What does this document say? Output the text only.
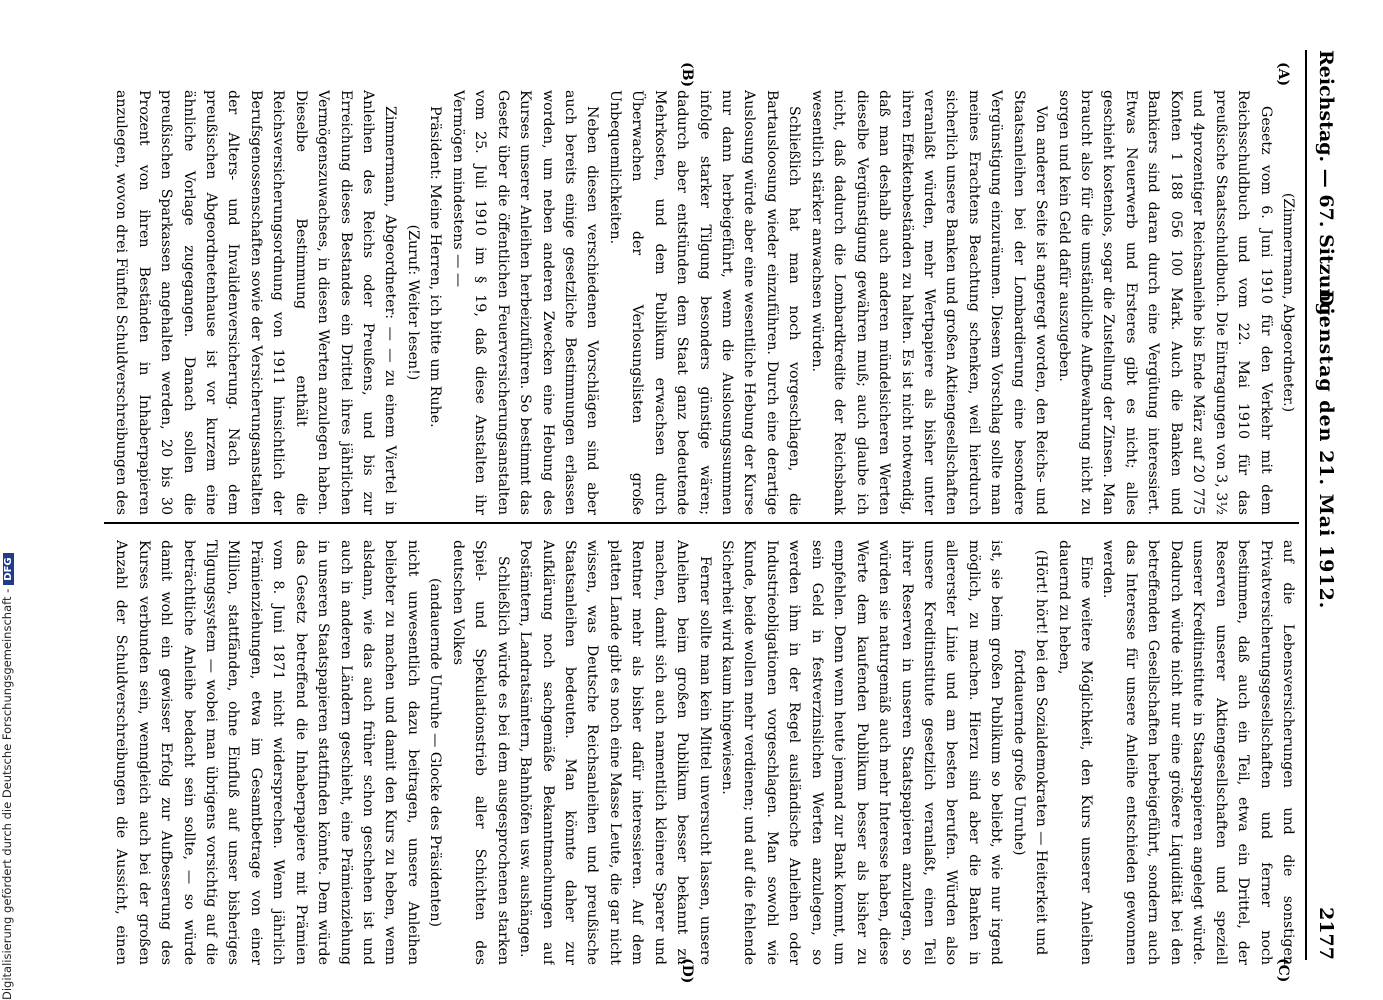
Reichstag. — 67. Sitzung.
Dienstag den 21. Mai 1912.
2177
(A)
(B)
(C)
(D)

(Zimmermann, Abgeordneter.)

Gesetz vom 6. Juni 1910 für den Verkehr mit dem Reichsschuldbuch und vom 22. Mai 1910 für das preußische Staatsschuldbuch. Die Eintragungen von 3, 3½ und 4prozentiger Reichsanleihe bis Ende März auf 20 775 Konten 1 188 056 100 Mark. Auch die Banken und Bankiers sind daran durch eine Vergütung interessiert. Etwas Neuerwerb und Ersteres gibt es nicht; alles geschieht kostenlos, sogar die Zustellung der Zinsen. Man braucht also für die umständliche Aufbewahrung nicht zu sorgen und kein Geld dafür auszugeben.

Von anderer Seite ist angeregt worden, den Reichs- und Staatsanleihen bei der Lombardierung eine besondere Vergünstigung einzuräumen. Diesem Vorschlag sollte man meines Erachtens Beachtung schenken, weil hierdurch sicherlich unsere Banken und großen Aktiengesellschaften veranlaßt würden, mehr Wertpapiere als bisher unter ihren Effektenbeständen zu halten. Es ist nicht notwendig, daß man deshalb auch anderen mündelsicheren Werten dieselbe Vergünstigung gewähren muß; auch glaube ich nicht, daß dadurch die Lombardkredite der Reichsbank wesentlich stärker anwachsen würden.

Schließlich hat man noch vorgeschlagen, die Bartausloosung wieder einzuführen. Durch eine derartige Auslosung würde aber eine wesentliche Hebung der Kurse nur dann herbeigeführt, wenn die Auslosungssummen infolge starker Tilgung besonders günstige wären; dadurch aber entstünden dem Staat ganz bedeutende Mehrkosten, und dem Publikum erwachsen durch Überwachen der Verlosungslisten große Unbequemlichkeiten.

Neben diesen verschiedenen Vorschlägen sind aber auch bereits einige gesetzliche Bestimmungen erlassen worden, um neben anderen Zwecken eine Hebung des Kurses unserer Anleihen herbeizuführen. So bestimmt das Gesetz über die öffentlichen Feuerversicherungsanstalten vom 25. Juli 1910 im § 19, daß diese Anstalten ihr Vermögen mindestens — —

Präsident: Meine Herren, ich bitte um Ruhe.

(Zuruf: Weiter lesen!)

Zimmermann, Abgeordneter: — — zu einem Viertel in Anleihen des Reichs oder Preußens, und bis zur Erreichung dieses Bestandes ein Drittel ihres jährlichen Vermögenszuwachses, in diesen Werten anzulegen haben. Dieselbe Bestimmung enthält die Reichsversicherungsordnung von 1911 hinsichtlich der Berufsgenossenschaften sowie der Versicherungsanstalten der Alters- und Invalidenversicherung. Nach dem preußischen Abgeordnetenhause ist vor kurzem eine ähnliche Vorlage zugegangen. Danach sollen die preußischen Sparkassen angehalten werden, 20 bis 30 Prozent von ihren Beständen in Inhaberpapieren anzulegen, wovon drei Fünftel Schuldverschreibungen des

auf die Lebensversicherungen und die sonstigen Privatversicherungsgesellschaften und ferner noch bestimmen, daß auch ein Teil, etwa ein Drittel, der Reserven unserer Aktiengesellschaften und speziell unserer Kreditinstitute in Staatspapieren angelegt würde. Dadurch würde nicht nur eine größere Liquidität bei den betreffenden Gesellschaften herbeigeführt, sondern auch das Interesse für unsere Anleihe entschieden gewonnen werden.

Eine weitere Möglichkeit, den Kurs unserer Anleihen dauernd zu heben,

(Hört! hört! bei den Sozialdemokraten — Heiterkeit und fortdauernde große Unruhe)

ist, sie beim großen Publikum so beliebt, wie nur irgend möglich, zu machen. Hierzu sind aber die Banken in allererster Linie und am besten berufen. Würden also unsere Kreditinstitute gesetzlich veranlaßt, einen Teil ihrer Reserven in unseren Staatspapieren anzulegen, so würden sie naturgemäß auch mehr Interesse haben, diese Werte dem kaufenden Publikum besser als bisher zu empfehlen. Denn wenn heute jemand zur Bank kommt, um sein Geld in festverzinslichen Werten anzulegen, so werden ihm in der Regel ausländische Anleihen oder Industrieobligationen vorgeschlagen. Man sowohl wie Kunde, beide wollen mehr verdienen; und auf die fehlende Sicherheit wird kaum hingewiesen.

Ferner sollte man kein Mittel unversucht lassen, unsere Anleihen beim großen Publikum besser bekannt zu machen, damit sich auch namentlich kleinere Sparer und Rentner mehr als bisher dafür interessieren. Auf dem platten Lande gibt es noch eine Masse Leute, die gar nicht wissen, was Deutsche Reichsanleihen und preußische Staatsanleihen bedeuten. Man könnte daher zur Aufklärung noch sachgemäße Bekanntmachungen auf Postämtern, Landratsämtern, Bahnhöfen usw. aushängen.

Schließlich würde es bei dem ausgesprochenen starken Spiel- und Spekulationstrieb aller Schichten des deutschen Volkes

(andauernde Unruhe — Glocke des Präsidenten)

nicht unwesentlich dazu beitragen, unsere Anleihen beliebter zu machen und damit den Kurs zu heben, wenn alsdann, wie das auch früher schon geschehen ist und auch in anderen Ländern geschieht, eine Prämienziehung in unseren Staatspapieren stattfinden könnte. Dem würde das Gesetz betreffend die Inhaberpapiere mit Prämien vom 8. Juni 1871 nicht widersprechen. Wenn jährlich Prämienziehungen, etwa im Gesamtbetrage von einer Million, stattfänden, ohne Einfluß auf unser bisheriges Tilgungssystem — wobei man übrigens vorsichtig auf die beträchtliche Anleihe bedacht sein sollte, — so würde damit wohl ein gewisser Erfolg zur Aufbesserung des Kurses verbunden sein, wenngleich auch bei der großen Anzahl der Schuldverschreibungen die Aussicht, einen

Digitalisierung gefördert durch die Deutsche Forschungsgemeinschaft -DFG
